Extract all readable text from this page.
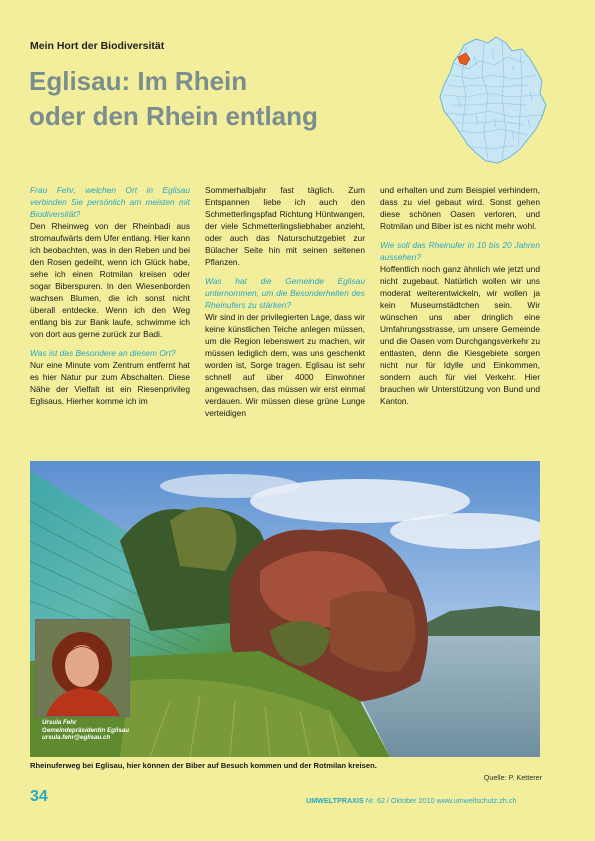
Mein Hort der Biodiversität
Eglisau: Im Rhein
oder den Rhein entlang

Frau Fehr, welchen Ort in Eglisau verbinden Sie persönlich am meisten mit Biodiversität?

Den Rheinweg von der Rheinbadi aus stromaufwärts dem Ufer entlang. Hier kann ich beobachten, was in den Reben und bei den Rosen gedeiht, wenn ich Glück habe, sehe ich einen Rotmilan kreisen oder sogar Biberspuren. In den Wiesenborden wachsen Blumen, die ich sonst nicht überall entdecke. Wenn ich den Weg entlang bis zur Bank laufe, schwimme ich von dort aus gerne zurück zur Badi.

Was ist das Besondere an diesem Ort?

Nur eine Minute vom Zentrum entfernt hat es hier Natur pur zum Abschalten. Diese Nähe der Vielfalt ist ein Riesenprivileg Eglisaus. Hierher komme ich im

Sommerhalbjahr fast täglich. Zum Entspannen liebe ich auch den Schmetterlingspfad Richtung Hüntwangen, der viele Schmetterlingsliebhaber anzieht, oder auch das Naturschutzgebiet zur Bülacher Seite hin mit seinen seltenen Pflanzen.

Was hat die Gemeinde Eglisau unternommen, um die Besonderheiten des Rheinufers zu stärken?

Wir sind in der privilegierten Lage, dass wir keine künstlichen Teiche anlegen müssen, um die Region lebenswert zu machen, wir müssen lediglich dem, was uns geschenkt worden ist, Sorge tragen. Eglisau ist sehr schnell auf über 4000 Einwohner angewachsen, das müssen wir erst einmal verdauen. Wir müssen diese grüne Lunge verteidigen

und erhalten und zum Beispiel verhindern, dass zu viel gebaut wird. Sonst gehen diese schönen Oasen verloren, und Rotmilan und Biber ist es nicht mehr wohl.

Wie soll das Rheinufer in 10 bis 20 Jahren aussehen?

Hoffentlich noch ganz ähnlich wie jetzt und nicht zugebaut. Natürlich wollen wir uns moderat weiterentwickeln, wir wollen ja kein Museumstädtchen sein. Wir wünschen uns aber dringlich eine Umfahrungsstrasse, um unsere Gemeinde und die Oasen vom Durchgangsverkehr zu entlasten, denn die Kiesgebiete sorgen nicht nur für Idylle und Einkommen, sondern auch für viel Verkehr. Hier brauchen wir Unterstützung von Bund und Kanton.

Ursula Fehr
Gemeindepräsidentin Eglisau
ursula.fehr@eglisau.ch
Rheinuferweg bei Eglisau, hier können der Biber auf Besuch kommen und der Rotmilan kreisen.
Quelle: P. Ketterer
34	UMWELTPRAXIS Nr. 62 / Oktober 2010 www.umweltschutz.zh.ch
